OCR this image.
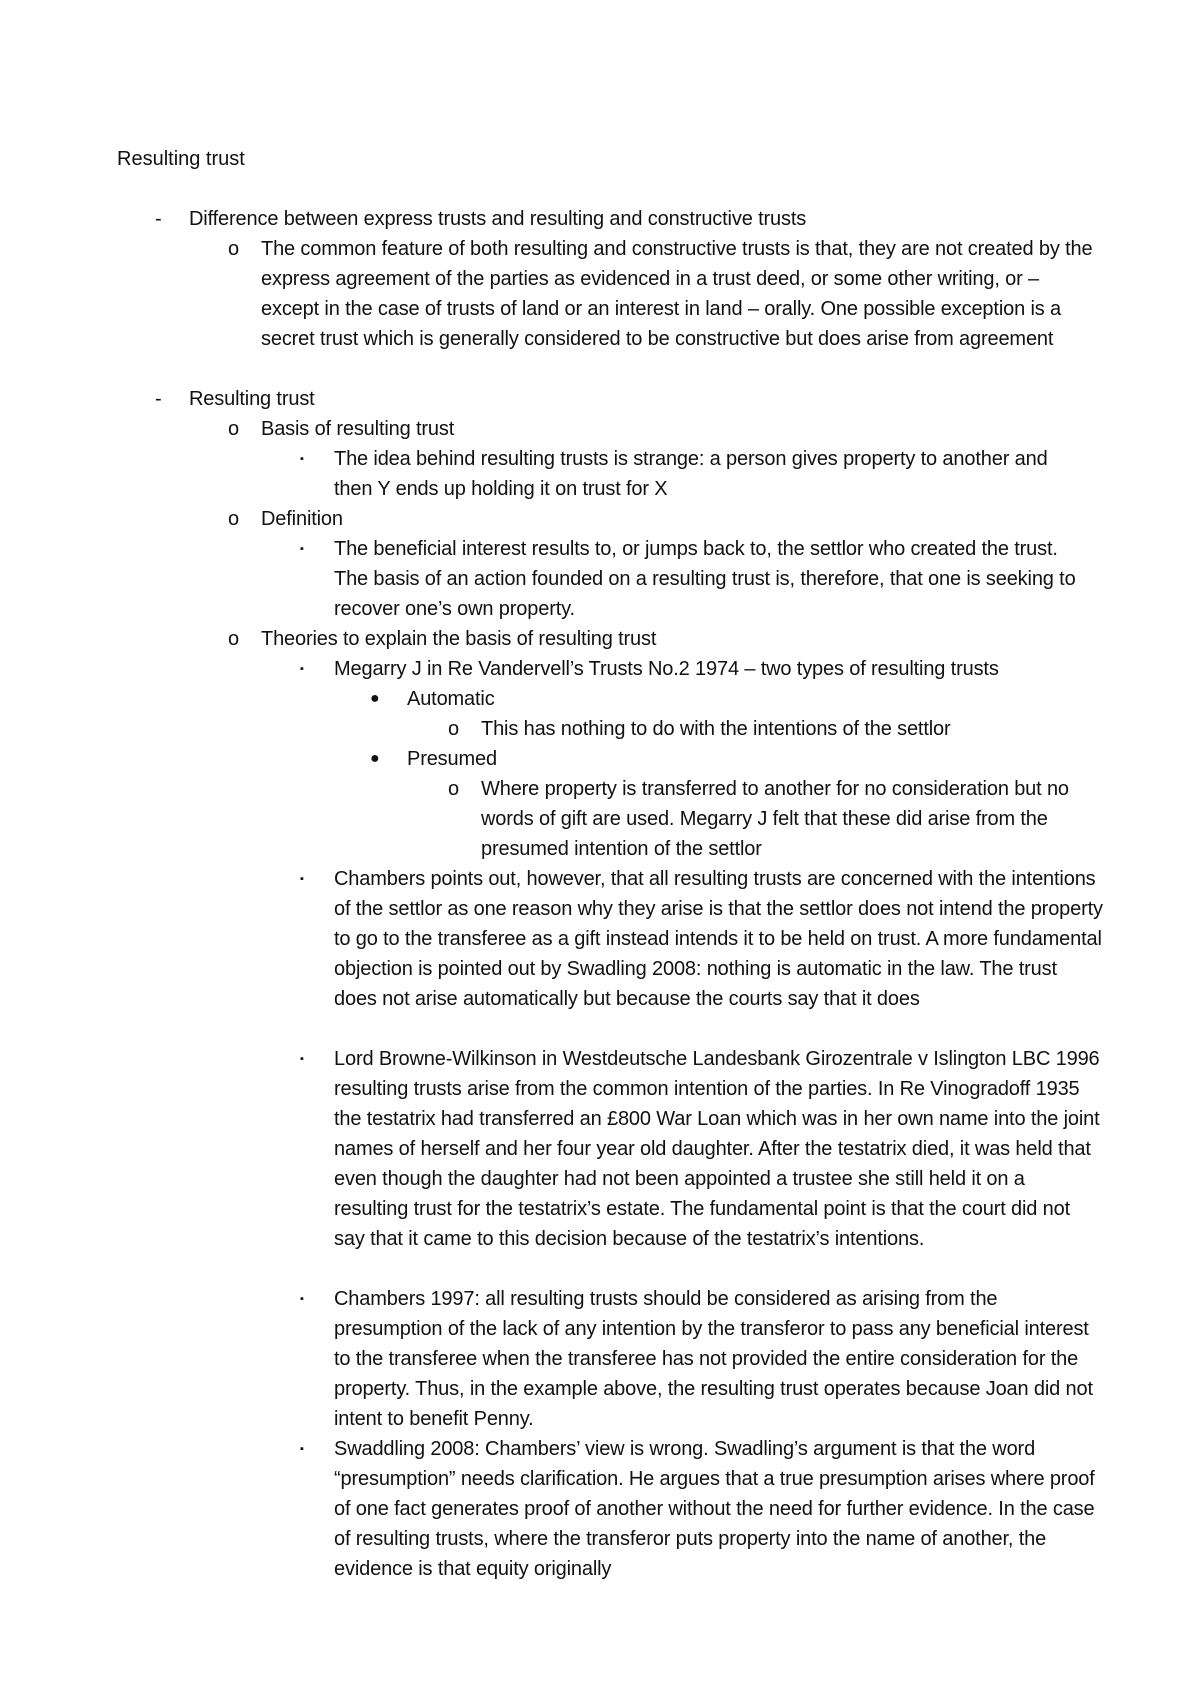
Resulting trust
- Difference between express trusts and resulting and constructive trusts
o The common feature of both resulting and constructive trusts is that, they are not created by the express agreement of the parties as evidenced in a trust deed, or some other writing, or – except in the case of trusts of land or an interest in land – orally. One possible exception is a secret trust which is generally considered to be constructive but does arise from agreement
- Resulting trust
o Basis of resulting trust
▪ The idea behind resulting trusts is strange: a person gives property to another and then Y ends up holding it on trust for X
o Definition
▪ The beneficial interest results to, or jumps back to, the settlor who created the trust. The basis of an action founded on a resulting trust is, therefore, that one is seeking to recover one’s own property.
o Theories to explain the basis of resulting trust
▪ Megarry J in Re Vandervell’s Trusts No.2 1974 – two types of resulting trusts
● Automatic
o This has nothing to do with the intentions of the settlor
● Presumed
o Where property is transferred to another for no consideration but no words of gift are used. Megarry J felt that these did arise from the presumed intention of the settlor
▪ Chambers points out, however, that all resulting trusts are concerned with the intentions of the settlor as one reason why they arise is that the settlor does not intend the property to go to the transferee as a gift instead intends it to be held on trust. A more fundamental objection is pointed out by Swadling 2008: nothing is automatic in the law. The trust does not arise automatically but because the courts say that it does
▪ Lord Browne-Wilkinson in Westdeutsche Landesbank Girozentrale v Islington LBC 1996 resulting trusts arise from the common intention of the parties. In Re Vinogradoff 1935 the testatrix had transferred an £800 War Loan which was in her own name into the joint names of herself and her four year old daughter. After the testatrix died, it was held that even though the daughter had not been appointed a trustee she still held it on a resulting trust for the testatrix’s estate. The fundamental point is that the court did not say that it came to this decision because of the testatrix’s intentions.
▪ Chambers 1997: all resulting trusts should be considered as arising from the presumption of the lack of any intention by the transferor to pass any beneficial interest to the transferee when the transferee has not provided the entire consideration for the property. Thus, in the example above, the resulting trust operates because Joan did not intent to benefit Penny.
▪ Swaddling 2008: Chambers’ view is wrong. Swadling’s argument is that the word “presumption” needs clarification. He argues that a true presumption arises where proof of one fact generates proof of another without the need for further evidence. In the case of resulting trusts, where the transferor puts property into the name of another, the evidence is that equity originally
